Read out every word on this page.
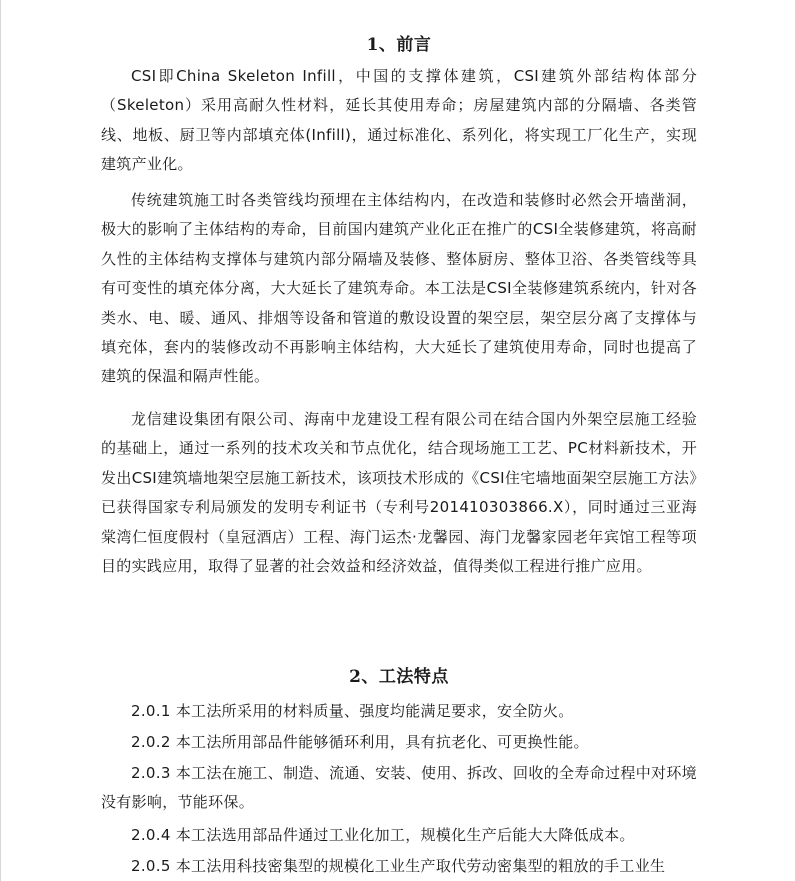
1、前言

CSI即China Skeleton Infill，中国的支撑体建筑，CSI建筑外部结构体部分（Skeleton）采用高耐久性材料，延长其使用寿命；房屋建筑内部的分隔墙、各类管线、地板、厨卫等内部填充体(Infill)，通过标准化、系列化，将实现工厂化生产，实现建筑产业化。

传统建筑施工时各类管线均预埋在主体结构内，在改造和装修时必然会开墙凿洞，极大的影响了主体结构的寿命，目前国内建筑产业化正在推广的CSI全装修建筑，将高耐久性的主体结构支撑体与建筑内部分隔墙及装修、整体厨房、整体卫浴、各类管线等具有可变性的填充体分离，大大延长了建筑寿命。本工法是CSI全装修建筑系统内，针对各类水、电、暖、通风、排烟等设备和管道的敷设设置的架空层，架空层分离了支撑体与填充体，套内的装修改动不再影响主体结构，大大延长了建筑使用寿命，同时也提高了建筑的保温和隔声性能。

龙信建设集团有限公司、海南中龙建设工程有限公司在结合国内外架空层施工经验的基础上，通过一系列的技术攻关和节点优化，结合现场施工工艺、PC材料新技术，开发出CSI建筑墙地架空层施工新技术，该项技术形成的《CSI住宅墙地面架空层施工方法》已获得国家专利局颁发的发明专利证书（专利号201410303866.X），同时通过三亚海棠湾仁恒度假村（皇冠酒店）工程、海门运杰·龙馨园、海门龙馨家园老年宾馆工程等项目的实践应用，取得了显著的社会效益和经济效益，值得类似工程进行推广应用。

2、工法特点

2.0.1 本工法所采用的材料质量、强度均能满足要求，安全防火。

2.0.2 本工法所用部品件能够循环利用，具有抗老化、可更换性能。

2.0.3 本工法在施工、制造、流通、安装、使用、拆改、回收的全寿命过程中对环境没有影响，节能环保。

2.0.4 本工法选用部品件通过工业化加工，规模化生产后能大大降低成本。

2.0.5 本工法用科技密集型的规模化工业生产取代劳动密集型的粗放的手工业生
